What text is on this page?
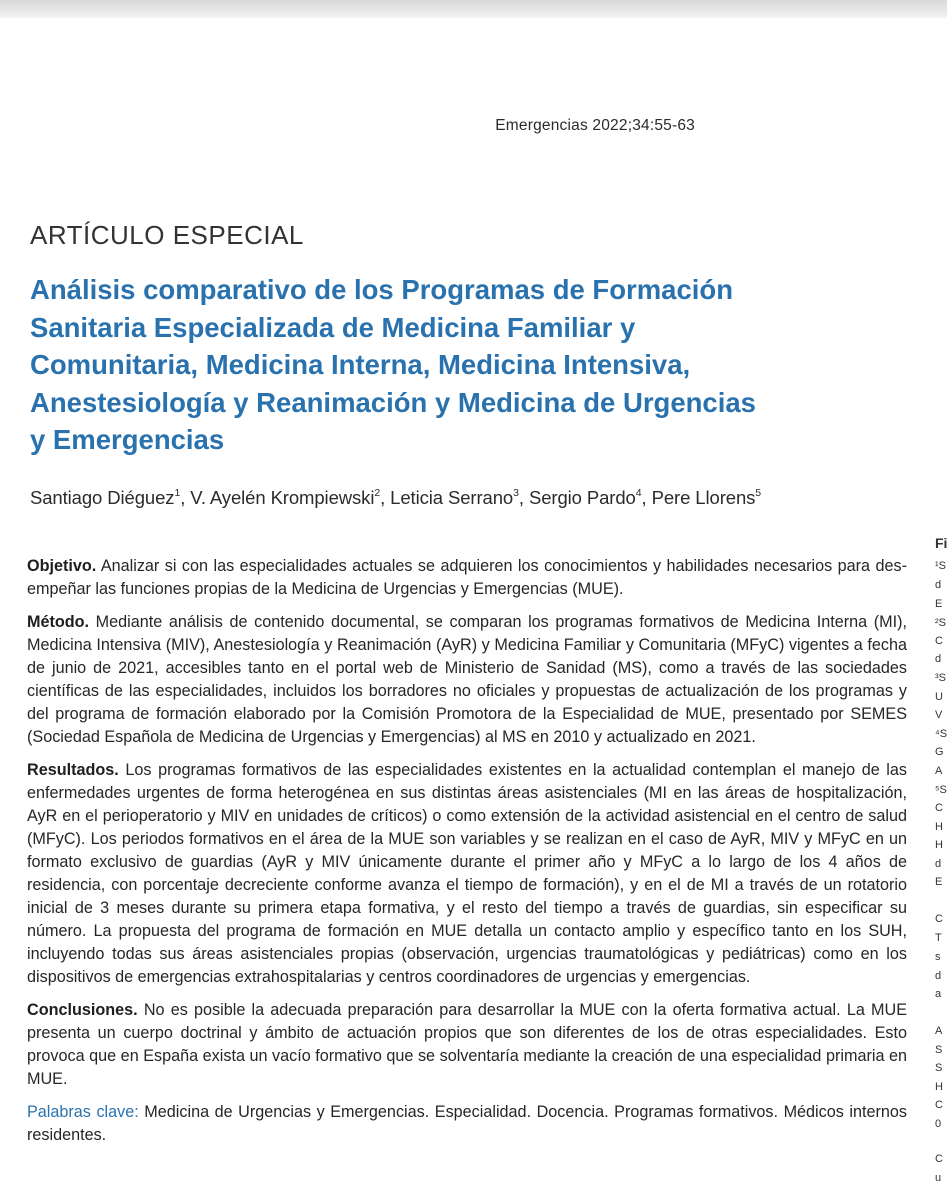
Emergencias 2022;34:55-63
ARTÍCULO ESPECIAL
Análisis comparativo de los Programas de Formación
Sanitaria Especializada de Medicina Familiar y
Comunitaria, Medicina Interna, Medicina Intensiva,
Anestesiología y Reanimación y Medicina de Urgencias
y Emergencias
Santiago Diéguez$^1$, V. Ayelén Krompiewski$^2$, Leticia Serrano$^3$, Sergio Pardo$^4$, Pere Llorens$^5$

Objetivo. Analizar si con las especialidades actuales se adquieren los conocimientos y habilidades necesarios para desempeñar las funciones propias de la Medicina de Urgencias y Emergencias (MUE).

Método. Mediante análisis de contenido documental, se comparan los programas formativos de Medicina Interna (MI), Medicina Intensiva (MIV), Anestesiología y Reanimación (AyR) y Medicina Familiar y Comunitaria (MFyC) vigentes a fecha de junio de 2021, accesibles tanto en el portal web de Ministerio de Sanidad (MS), como a través de las sociedades científicas de las especialidades, incluidos los borradores no oficiales y propuestas de actualización de los programas y del programa de formación elaborado por la Comisión Promotora de la Especialidad de MUE, presentado por SEMES (Sociedad Española de Medicina de Urgencias y Emergencias) al MS en 2010 y actualizado en 2021.

Resultados. Los programas formativos de las especialidades existentes en la actualidad contemplan el manejo de las enfermedades urgentes de forma heterogénea en sus distintas áreas asistenciales (MI en las áreas de hospitalización, AyR en el perioperatorio y MIV en unidades de críticos) o como extensión de la actividad asistencial en el centro de salud (MFyC). Los periodos formativos en el área de la MUE son variables y se realizan en el caso de AyR, MIV y MFyC en un formato exclusivo de guardias (AyR y MIV únicamente durante el primer año y MFyC a lo largo de los 4 años de residencia, con porcentaje decreciente conforme avanza el tiempo de formación), y en el de MI a través de un rotatorio inicial de 3 meses durante su primera etapa formativa, y el resto del tiempo a través de guardias, sin especificar su número. La propuesta del programa de formación en MUE detalla un contacto amplio y específico tanto en los SUH, incluyendo todas sus áreas asistenciales propias (observación, urgencias traumatológicas y pediátricas) como en los dispositivos de emergencias extrahospitalarias y centros coordinadores de urgencias y emergencias.

Conclusiones. No es posible la adecuada preparación para desarrollar la MUE con la oferta formativa actual. La MUE presenta un cuerpo doctrinal y ámbito de actuación propios que son diferentes de los de otras especialidades. Esto provoca que en España exista un vacío formativo que se solventaría mediante la creación de una especialidad primaria en MUE.

Palabras clave: Medicina de Urgencias y Emergencias. Especialidad. Docencia. Programas formativos. Médicos internos residentes.

Fi
¹S
d
E
²S
C
d
³S
U
V
⁴S
G
A
⁵S
C
H
H
d
E
C
T
s
d
a
A
S
S
H
C
0
C
u
